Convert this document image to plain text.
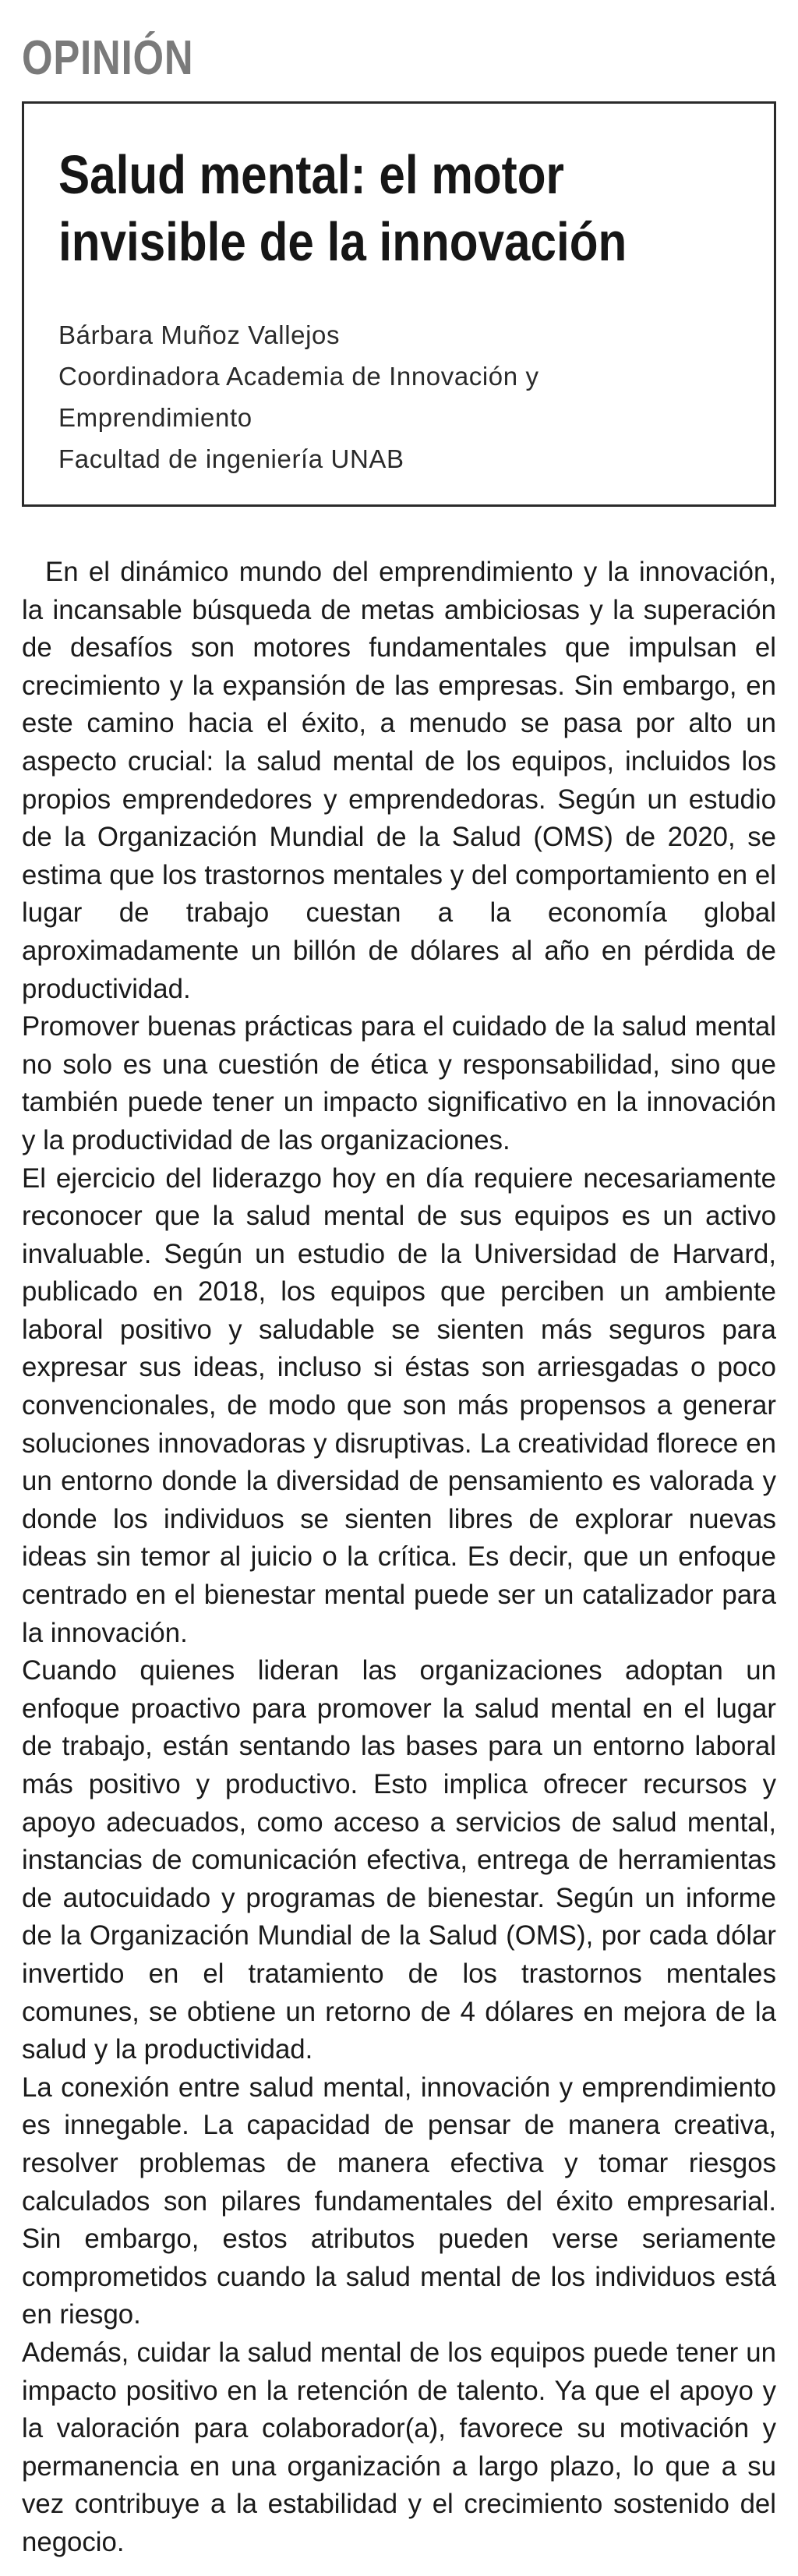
OPINIÓN
Salud mental: el motor invisible de la innovación
Bárbara Muñoz Vallejos
Coordinadora Academia de Innovación y Emprendimiento
Facultad de ingeniería UNAB

En el dinámico mundo del emprendimiento y la innovación, la incansable búsqueda de metas ambiciosas y la superación de desafíos son motores fundamentales que impulsan el crecimiento y la expansión de las empresas. Sin embargo, en este camino hacia el éxito, a menudo se pasa por alto un aspecto crucial: la salud mental de los equipos, incluidos los propios emprendedores y emprendedoras. Según un estudio de la Organización Mundial de la Salud (OMS) de 2020, se estima que los trastornos mentales y del comportamiento en el lugar de trabajo cuestan a la economía global aproximadamente un billón de dólares al año en pérdida de productividad.

Promover buenas prácticas para el cuidado de la salud mental no solo es una cuestión de ética y responsabilidad, sino que también puede tener un impacto significativo en la innovación y la productividad de las organizaciones.

El ejercicio del liderazgo hoy en día requiere necesariamente reconocer que la salud mental de sus equipos es un activo invaluable. Según un estudio de la Universidad de Harvard, publicado en 2018, los equipos que perciben un ambiente laboral positivo y saludable se sienten más seguros para expresar sus ideas, incluso si éstas son arriesgadas o poco convencionales, de modo que son más propensos a generar soluciones innovadoras y disruptivas. La creatividad florece en un entorno donde la diversidad de pensamiento es valorada y donde los individuos se sienten libres de explorar nuevas ideas sin temor al juicio o la crítica. Es decir, que un enfoque centrado en el bienestar mental puede ser un catalizador para la innovación.

Cuando quienes lideran las organizaciones adoptan un enfoque proactivo para promover la salud mental en el lugar de trabajo, están sentando las bases para un entorno laboral más positivo y productivo. Esto implica ofrecer recursos y apoyo adecuados, como acceso a servicios de salud mental, instancias de comunicación efectiva, entrega de herramientas de autocuidado y programas de bienestar. Según un informe de la Organización Mundial de la Salud (OMS), por cada dólar invertido en el tratamiento de los trastornos mentales comunes, se obtiene un retorno de 4 dólares en mejora de la salud y la productividad.

La conexión entre salud mental, innovación y emprendimiento es innegable. La capacidad de pensar de manera creativa, resolver problemas de manera efectiva y tomar riesgos calculados son pilares fundamentales del éxito empresarial. Sin embargo, estos atributos pueden verse seriamente comprometidos cuando la salud mental de los individuos está en riesgo.

Además, cuidar la salud mental de los equipos puede tener un impacto positivo en la retención de talento. Ya que el apoyo y la valoración para colaborador(a), favorece su motivación y permanencia en una organización a largo plazo, lo que a su vez contribuye a la estabilidad y el crecimiento sostenido del negocio.
